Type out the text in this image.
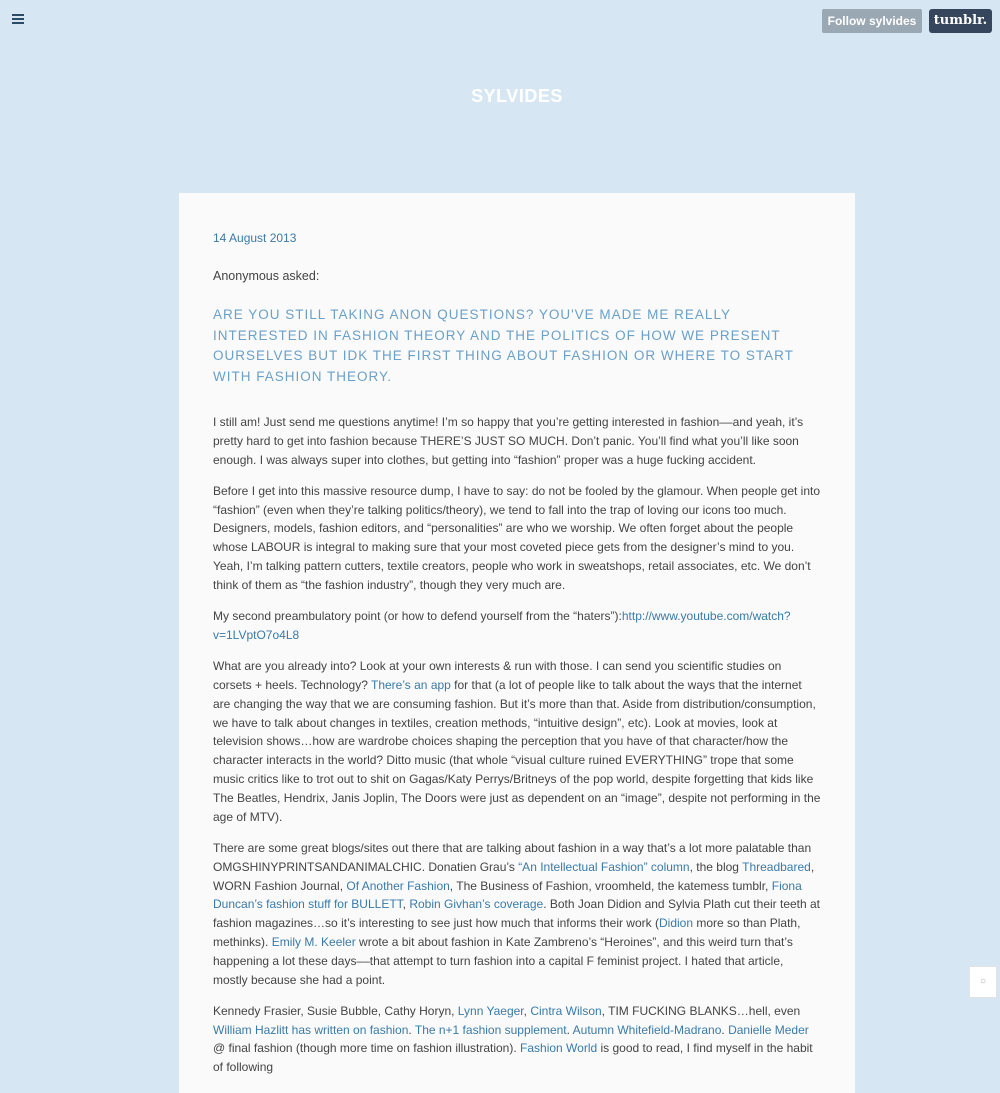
Follow sylvides	tumblr.
SYLVIDES
14 August 2013
Anonymous asked:
ARE YOU STILL TAKING ANON QUESTIONS? YOU'VE MADE ME REALLY INTERESTED IN FASHION THEORY AND THE POLITICS OF HOW WE PRESENT OURSELVES BUT IDK THE FIRST THING ABOUT FASHION OR WHERE TO START WITH FASHION THEORY.

I still am! Just send me questions anytime! I’m so happy that you’re getting interested in fashion––and yeah, it’s pretty hard to get into fashion because THERE’S JUST SO MUCH. Don’t panic. You’ll find what you’ll like soon enough. I was always super into clothes, but getting into “fashion” proper was a huge fucking accident.

Before I get into this massive resource dump, I have to say: do not be fooled by the glamour. When people get into “fashion” (even when they’re talking politics/theory), we tend to fall into the trap of loving our icons too much. Designers, models, fashion editors, and “personalities” are who we worship. We often forget about the people whose LABOUR is integral to making sure that your most coveted piece gets from the designer’s mind to you. Yeah, I’m talking pattern cutters, textile creators, people who work in sweatshops, retail associates, etc. We don’t think of them as “the fashion industry”, though they very much are.

My second preambulatory point (or how to defend yourself from the “haters”):http://www.youtube.com/watch?v=1LVptO7o4L8

What are you already into? Look at your own interests & run with those. I can send you scientific studies on corsets + heels. Technology? There’s an app for that (a lot of people like to talk about the ways that the internet are changing the way that we are consuming fashion. But it’s more than that. Aside from distribution/consumption, we have to talk about changes in textiles, creation methods, “intuitive design”, etc). Look at movies, look at television shows…how are wardrobe choices shaping the perception that you have of that character/how the character interacts in the world? Ditto music (that whole “visual culture ruined EVERYTHING” trope that some music critics like to trot out to shit on Gagas/Katy Perrys/Britneys of the pop world, despite forgetting that kids like The Beatles, Hendrix, Janis Joplin, The Doors were just as dependent on an “image”, despite not performing in the age of MTV).

There are some great blogs/sites out there that are talking about fashion in a way that’s a lot more palatable than OMGSHINYPRINTSANDANIMALCHIC. Donatien Grau’s “An Intellectual Fashion” column, the blog Threadbared, WORN Fashion Journal, Of Another Fashion, The Business of Fashion, vroomheld, the katemess tumblr, Fiona Duncan’s fashion stuff for BULLETT, Robin Givhan’s coverage. Both Joan Didion and Sylvia Plath cut their teeth at fashion magazines…so it’s interesting to see just how much that informs their work (Didion more so than Plath, methinks). Emily M. Keeler wrote a bit about fashion in Kate Zambreno’s “Heroines”, and this weird turn that’s happening a lot these days––that attempt to turn fashion into a capital F feminist project. I hated that article, mostly because she had a point.

Kennedy Frasier, Susie Bubble, Cathy Horyn, Lynn Yaeger, Cintra Wilson, TIM FUCKING BLANKS…hell, even William Hazlitt has written on fashion. The n+1 fashion supplement. Autumn Whitefield-Madrano. Danielle Meder @ final fashion (though more time on fashion illustration). Fashion World is good to read, I find myself in the habit of following

○
